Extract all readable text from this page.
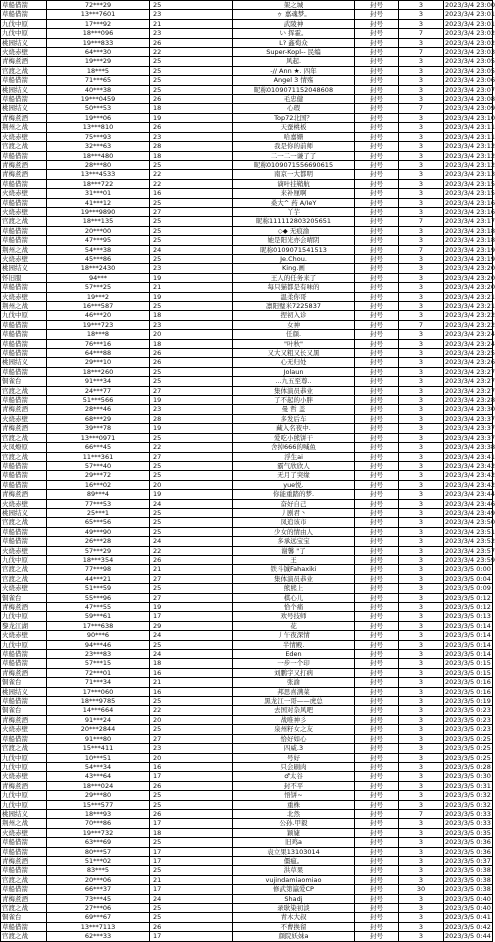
草船借箭	72***29	25	架之城	封号	3	2023/3/4 23:00
草船借箭	13***7601	23	ゥ 嘉魂梦。	封号	3	2023/3/4 23:01
九伐中原	17***92	21	武陵神	封号	3	2023/3/4 23:01
九伐中原	18***096	23	い 挥霍。	封号	7	2023/3/4 23:02
桃园结义	19***833	26	L? 鑫萄众	封号	3	2023/3/4 23:02
火烧赤壁	64***30	22	Super-Kopl-- 民编	封号	7	2023/3/4 23:03
青梅煮酒	19***29	25	风起.	封号	3	2023/3/4 23:05
官渡之战	18***5	25	-// Ann ★. 四年	封号	3	2023/3/4 23:05
草船借箭	71***65	25	Angel 3 情殇	封号	3	2023/3/4 23:06
桃园结义	40***38	25	昵称0109071152048608	封号	3	2023/3/4 23:07
草船借箭	19***0459	26	毛忠健	封号	3	2023/3/4 23:08
桃园结义	50***53	18	心瑕	封号	7	2023/3/4 23:09
青梅煮酒	19***06	19	Top72北国？	封号	3	2023/3/4 23:10
荆州之战	13***810	26	天蚕桃板	封号	3	2023/3/4 23:11
火烧赤壁	75***93	23	哈嘉姗	封号	3	2023/3/4 23:11
官渡之战	32***63	28	我是你的前师	封号	3	2023/3/4 23:12
草船借箭	18***480	18	二一二一谦了了	封号	3	2023/3/4 23:12
青梅煮酒	28***80	25	昵称0109071556690615	封号	3	2023/3/4 23:12
青梅煮酒	13***4533	22	南京一大都明	封号	3	2023/3/4 23:13
草船借箭	18***722	22	谪叶挂鞘航	封号	3	2023/3/4 23:15
火烧赤壁	31***01	16	来补厘啊	封号	3	2023/3/4 23:15
草船借箭	41***12	25	桑大^ 药 A/IeY	封号	3	2023/3/4 23:16
火烧赤壁	19***9890	27	丫芋	封号	3	2023/3/4 23:16
官渡之战	18***135	25	昵称111112803205651	封号	7	2023/3/4 23:17
草船借箭	20***00	25	◇◆ 无痕渝	封号	3	2023/3/4 23:18
草船借箭	47***95	25	她是阳光亦会晴阴	封号	3	2023/3/4 23:18
荆州之战	54***38	24	昵称0109071541513	封号	7	2023/3/4 23:19
火烧赤壁	45***86	25	Je.Chou.	封号	3	2023/3/4 23:19
桃园结义	18***2430	23	King.画	封号	3	2023/3/4 23:20
怀旧服	94***	19	王人的任务来了	封号	3	2023/3/4 23:20
草船借箭	57***25	21	每只猫都是有味的	封号	3	2023/3/4 23:20
火烧赤壁	19***2	19	温柔你哥	封号	3	2023/3/4 23:21
荆州之战	16***587	25	凛阳璧米7225837	封号	3	2023/3/4 23:21
九伐中原	46***20	18	捏初入诊	封号	3	2023/3/4 23:22
草船借箭	19***723	23	女神	封号	7	2023/3/4 23:22
草船借箭	18***8	20	任颜.	封号	3	2023/3/4 23:24
草船借箭	76***16	18	"叶秋"	封号	3	2023/3/4 23:24
草船借箭	64***88	26	又大又粗又长又黑	封号	3	2023/3/4 23:25
桃园结义	29***10	26	心无归处	封号	3	2023/3/4 23:26
草船借箭	18***260	25	Jolaun	封号	3	2023/3/4 23:27
铜雀台	91***34	25	...九五至尊..	封号	3	2023/3/4 23:27
官渡之战	24***77	27	集体演员恭业	封号	3	2023/3/4 23:27
草船借箭	51***566	19	了不起的小胖	封号	3	2023/3/4 23:28
青梅煮酒	28***46	23	曼 哲 盖	封号	3	2023/3/4 23:30
火烧赤壁	68***29	28	多发后车	封号	3	2023/3/4 23:37
青梅煮酒	39***78	19	藏入名夜中.	封号	3	2023/3/4 23:37
官渡之战	13***0971	25	爱吃小熊饼干	封号	3	2023/3/4 23:37
火凤燎原	66***45	22	舍掉666的喊鱼	封号	3	2023/3/4 23:38
官渡之战	11***361	27	浮生ai	封号	3	2023/3/4 23:41
草船借箭	57***40	25	霸气欣欣人	封号	3	2023/3/4 23:42
草船借箭	29***72	25	无月了突缘	封号	3	2023/3/4 23:42
草船借箭	16***02	20	yue悦.	封号	3	2023/3/4 23:42
青梅煮酒	89***4	19	你能重踏的梦.	封号	3	2023/3/4 23:44
火烧赤壁	77***53	24	奋好自己	封号	3	2023/3/4 23:46
桃园结义	25***1	25	丿剧君丶	封号	3	2023/3/4 23:49
官渡之战	65***56	25	凤追该市	封号	3	2023/3/4 23:50
草船借箭	49***90	25	少女的情由人	封号	3	2023/3/4 23:51
草船借箭	26***28	24	多承远宝宝	封号	3	2023/3/4 23:52
火烧赤壁	57***29	22	谢馨 "了	封号	3	2023/3/4 23:57
九伐中原	18***354	26	王	封号	3	2023/3/4 23:59
官渡之战	77***98	21	铁斗铖Fahaxiki	封号	3	2023/3/5 0:00
官渡之战	44***21	27	集体演员恭业	封号	3	2023/3/5 0:04
火烧赤壁	51***59	25	熊熊上	封号	3	2023/3/5 0:09
铜雀台	55***96	27	棋心儿	封号	3	2023/3/5 0:12
青梅煮酒	47***55	19	恰个痛	封号	3	2023/3/5 0:12
九伐中原	59***61	17	欢号技师	封号	3	2023/3/5 0:13
黎龙江湖	17***638	29	花	封号	3	2023/3/5 0:14
火烧赤壁	90***6	24	丿午夜深情	封号	3	2023/3/5 0:14
九伐中原	94***46	25	半情殿.	封号	3	2023/3/5 0:14
草船借箭	23***83	24	Eden	封号	3	2023/3/5 0:14
草船借箭	57***15	18	一步一个印	封号	3	2023/3/5 0:15
青梅煮酒	72***01	16	刘鹏宇又打病	封号	3	2023/3/5 0:15
铜雀台	71***34	21	张渝	封号	3	2023/3/5 0:16
桃园结义	17***060	16	邦思喜满菜	封号	3	2023/3/5 0:16
草船借箭	18***9785	25	黑龙江一哥——虎总	封号	3	2023/3/5 0:19
铜雀台	14***664	22	去国对杂风吧	封号	3	2023/3/5 0:23
青梅煮酒	91***24	20	战唯神彡	封号	3	2023/3/5 0:23
火烧赤壁	20***2844	25	泉州籽女之友	封号	3	2023/3/5 0:23
草船借箭	91***80	27	恰好如心	封号	3	2023/3/5 0:25
官渡之战	15***411	23	四威.3	封号	3	2023/3/5 0:25
九伐中原	10***51	20	号好	封号	3	2023/3/5 0:25
九伐中原	54***34	16	只会刷肉	封号	3	2023/3/5 0:28
火烧赤壁	43***64	17	♂太谷	封号	3	2023/3/5 0:30
青梅煮酒	18***024	26	封不平	封号	3	2023/3/5 0:31
九伐中原	29***80	25	悟饼~	封号	3	2023/3/5 0:32
九伐中原	15***577	25	重株	封号	3	2023/3/5 0:32
桃园结义	18***93	26	北然	封号	7	2023/3/5 0:33
荆州之战	70***86	17	公孙.甲毅	封号	3	2023/3/5 0:33
火烧赤壁	19***732	18	颖婕	封号	3	2023/3/5 0:35
草船借箭	63***69	25	旧鸡a	封号	3	2023/3/5 0:36
草船借箭	80***57	17	袁立果13103014	封号	3	2023/3/5 0:36
青梅煮酒	51***02	17	僵瘟。	封号	3	2023/3/5 0:37
草船借箭	83***5	25	洪草果	封号	3	2023/3/5 0:38
官渡之战	20***06	21	vujindamiaomiao	封号	3	2023/3/5 0:38
草船借箭	66***37	17	修武第瀛爱CP	封号	30	2023/3/5 0:38
青梅煮酒	73***45	24	Shadj	封号	3	2023/3/5 0:40
官渡之战	27***06	25	录耿染初淡	封号	3	2023/3/5 0:40
铜雀台	69***67	25	青木大叔	封号	3	2023/3/5 0:41
草船借箭	13***7113	26	不曹换留	封号	3	2023/3/5 0:42
官渡之战	62***33	17	颜院妖妹a	封号	3	2023/3/5 0:44
